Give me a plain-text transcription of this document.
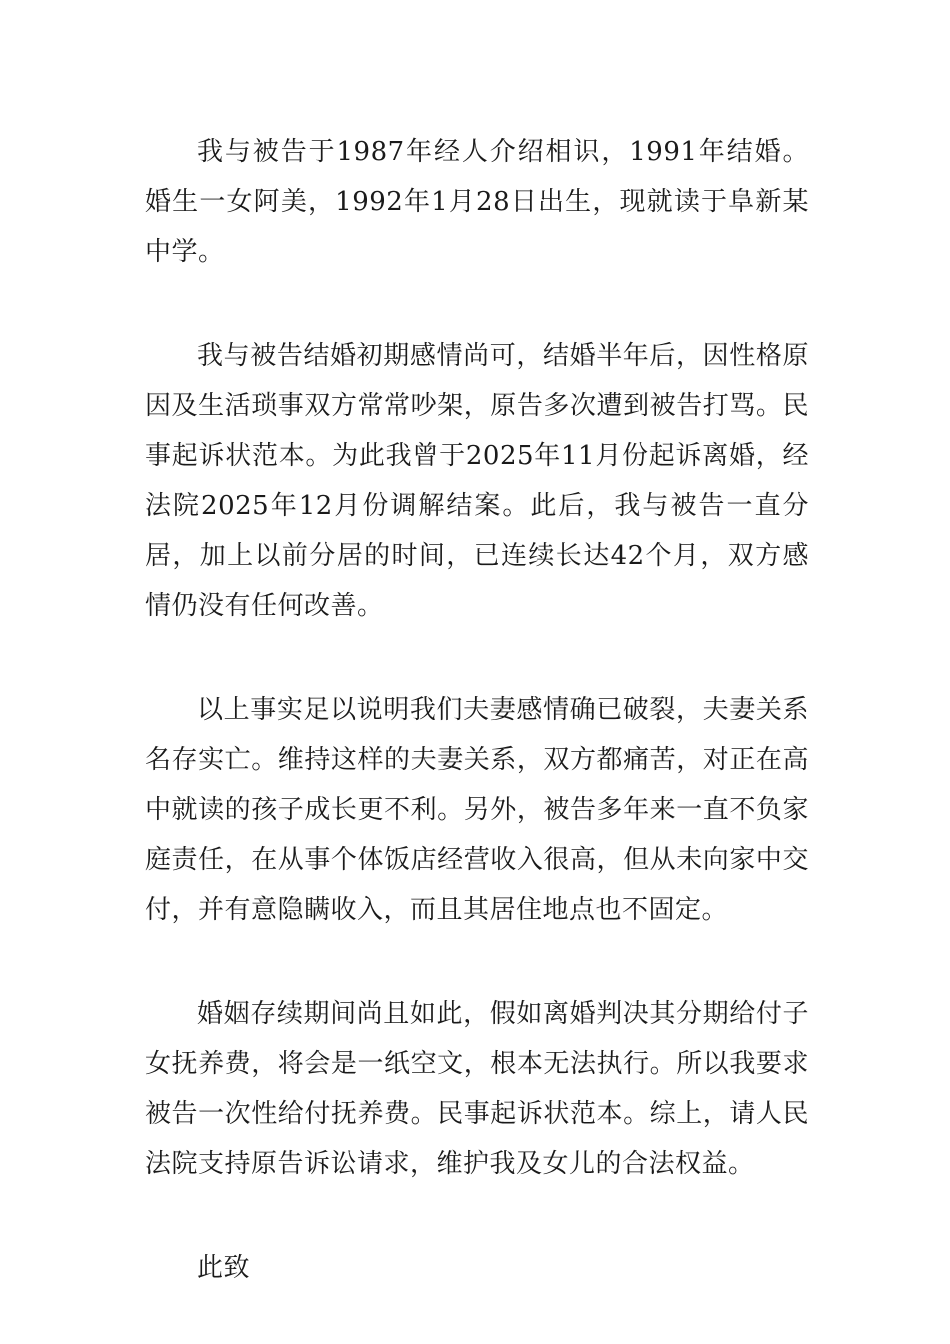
我与被告于1987年经人介绍相识，1991年结婚。婚生一女阿美，1992年1月28日出生，现就读于阜新某中学。

我与被告结婚初期感情尚可，结婚半年后，因性格原因及生活琐事双方常常吵架，原告多次遭到被告打骂。民事起诉状范本。为此我曾于2025年11月份起诉离婚，经法院2025年12月份调解结案。此后，我与被告一直分居，加上以前分居的时间，已连续长达42个月，双方感情仍没有任何改善。

以上事实足以说明我们夫妻感情确已破裂，夫妻关系名存实亡。维持这样的夫妻关系，双方都痛苦，对正在高中就读的孩子成长更不利。另外，被告多年来一直不负家庭责任，在从事个体饭店经营收入很高，但从未向家中交付，并有意隐瞒收入，而且其居住地点也不固定。

婚姻存续期间尚且如此，假如离婚判决其分期给付子女抚养费，将会是一纸空文，根本无法执行。所以我要求被告一次性给付抚养费。民事起诉状范本。综上，请人民法院支持原告诉讼请求，维护我及女儿的合法权益。

此致
